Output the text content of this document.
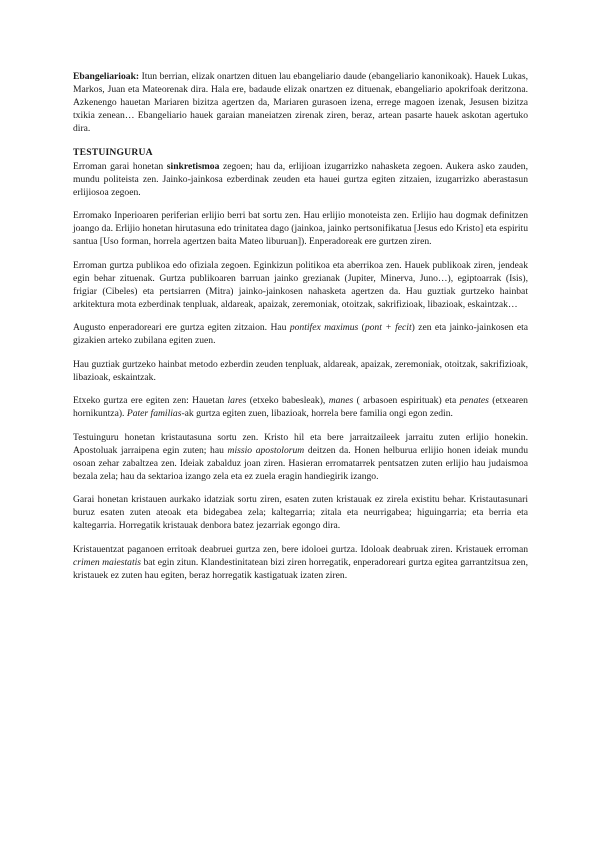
Ebangeliarioak: Itun berrian, elizak onartzen dituen lau ebangeliario daude (ebangeliario kanonikoak). Hauek Lukas, Markos, Juan eta Mateorenak dira. Hala ere, badaude elizak onartzen ez dituenak, ebangeliario apokrifoak deritzona. Azkenengo hauetan Mariaren bizitza agertzen da, Mariaren gurasoen izena, errege magoen izenak, Jesusen bizitza txikia zenean… Ebangeliario hauek garaian maneiatzen zirenak ziren, beraz, artean pasarte hauek askotan agertuko dira.

TESTUINGURUA

Erroman garai honetan sinkretismoa zegoen; hau da, erlijioan izugarrizko nahasketa zegoen. Aukera asko zauden, mundu politeista zen. Jainko-jainkosa ezberdinak zeuden eta hauei gurtza egiten zitzaien, izugarrizko aberastasun erlijiosoa zegoen.

Erromako Inperioaren periferian erlijio berri bat sortu zen. Hau erlijio monoteista zen. Erlijio hau dogmak definitzen joango da. Erlijio honetan hirutasuna edo trinitatea dago (jainkoa, jainko pertsonifikatua [Jesus edo Kristo] eta espiritu santua [Uso forman, horrela agertzen baita Mateo liburuan]). Enperadoreak ere gurtzen ziren.

Erroman gurtza publikoa edo ofiziala zegoen. Eginkizun politikoa eta aberrikoa zen. Hauek publikoak ziren, jendeak egin behar zituenak. Gurtza publikoaren barruan jainko grezianak (Jupiter, Minerva, Juno…), egiptoarrak (Isis), frigiar (Cibeles) eta pertsiarren (Mitra) jainko-jainkosen nahasketa agertzen da. Hau guztiak gurtzeko hainbat arkitektura mota ezberdinak tenpluak, aldareak, apaizak, zeremoniak, otoitzak, sakrifizioak, libazioak, eskaintzak…

Augusto enperadoreari ere gurtza egiten zitzaion. Hau pontifex maximus (pont + fecit) zen eta jainko-jainkosen eta gizakien arteko zubilana egiten zuen.

Hau guztiak gurtzeko hainbat metodo ezberdin zeuden tenpluak, aldareak, apaizak, zeremoniak, otoitzak, sakrifizioak, libazioak, eskaintzak.

Etxeko gurtza ere egiten zen: Hauetan lares (etxeko babesleak), manes ( arbasoen espirituak) eta penates (etxearen hornikuntza). Pater familias-ak gurtza egiten zuen, libazioak, horrela bere familia ongi egon zedin.

Testuinguru honetan kristautasuna sortu zen. Kristo hil eta bere jarraitzaileek jarraitu zuten erlijio honekin. Apostoluak jarraipena egin zuten; hau missio apostolorum deitzen da. Honen helburua erlijio honen ideiak mundu osoan zehar zabaltzea zen. Ideiak zabalduz joan ziren. Hasieran erromatarrek pentsatzen zuten erlijio hau judaismoa bezala zela; hau da sektarioa izango zela eta ez zuela eragin handiegirik izango.

Garai honetan kristauen aurkako idatziak sortu ziren, esaten zuten kristauak ez zirela existitu behar. Kristautasunari buruz esaten zuten ateoak eta bidegabea zela; kaltegarria; zitala eta neurrigabea; higuingarria; eta berria eta kaltegarria. Horregatik kristauak denbora batez jezarriak egongo dira.

Kristauentzat paganoen erritoak deabruei gurtza zen, bere idoloei gurtza. Idoloak deabruak ziren. Kristauek erroman crimen maiestatis bat egin zitun. Klandestinitatean bizi ziren horregatik, enperadoreari gurtza egitea garrantzitsua zen, kristauek ez zuten hau egiten, beraz horregatik kastigatuak izaten ziren.
